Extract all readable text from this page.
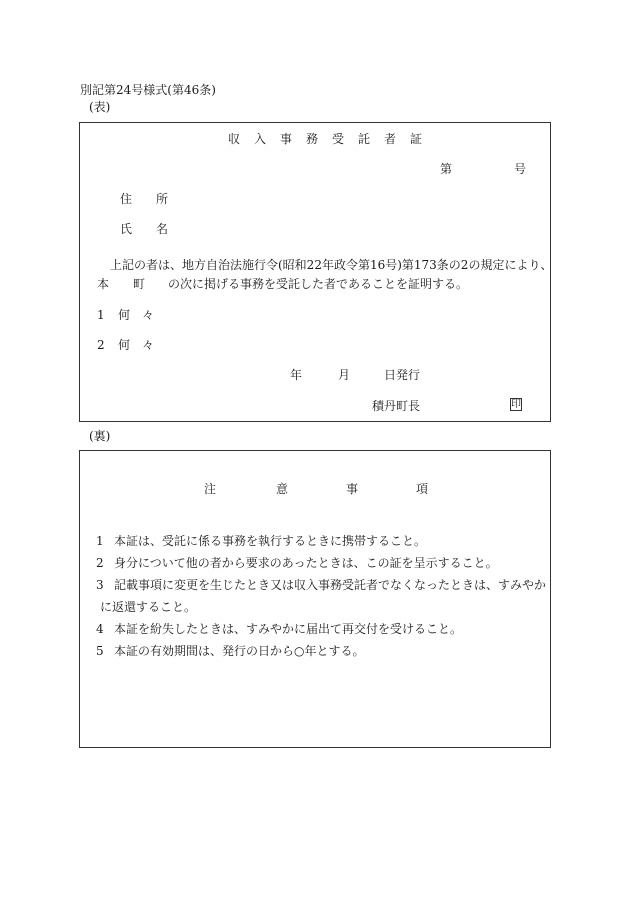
別記第24号様式(第46条)
(表)
収　入　事　務　受　託　者　証
第	号
住　　所
氏　　名
上記の者は、地方自治法施行令(昭和22年政令第16号)第173条の2の規定により、
本 町 の次に掲げる事務を受託した者であることを証明する。
1 何　々
2 何　々
年	月	日発行
積丹町長	印
(裏)
注	意	事	項
1 本証は、受託に係る事務を執行するときに携帯すること。
2 身分について他の者から要求のあったときは、この証を呈示すること。
3 記載事項に変更を生じたとき又は収入事務受託者でなくなったときは、すみやか
に返還すること。
4 本証を紛失したときは、すみやかに届出て再交付を受けること。
5 本証の有効期間は、発行の日から○年とする。
